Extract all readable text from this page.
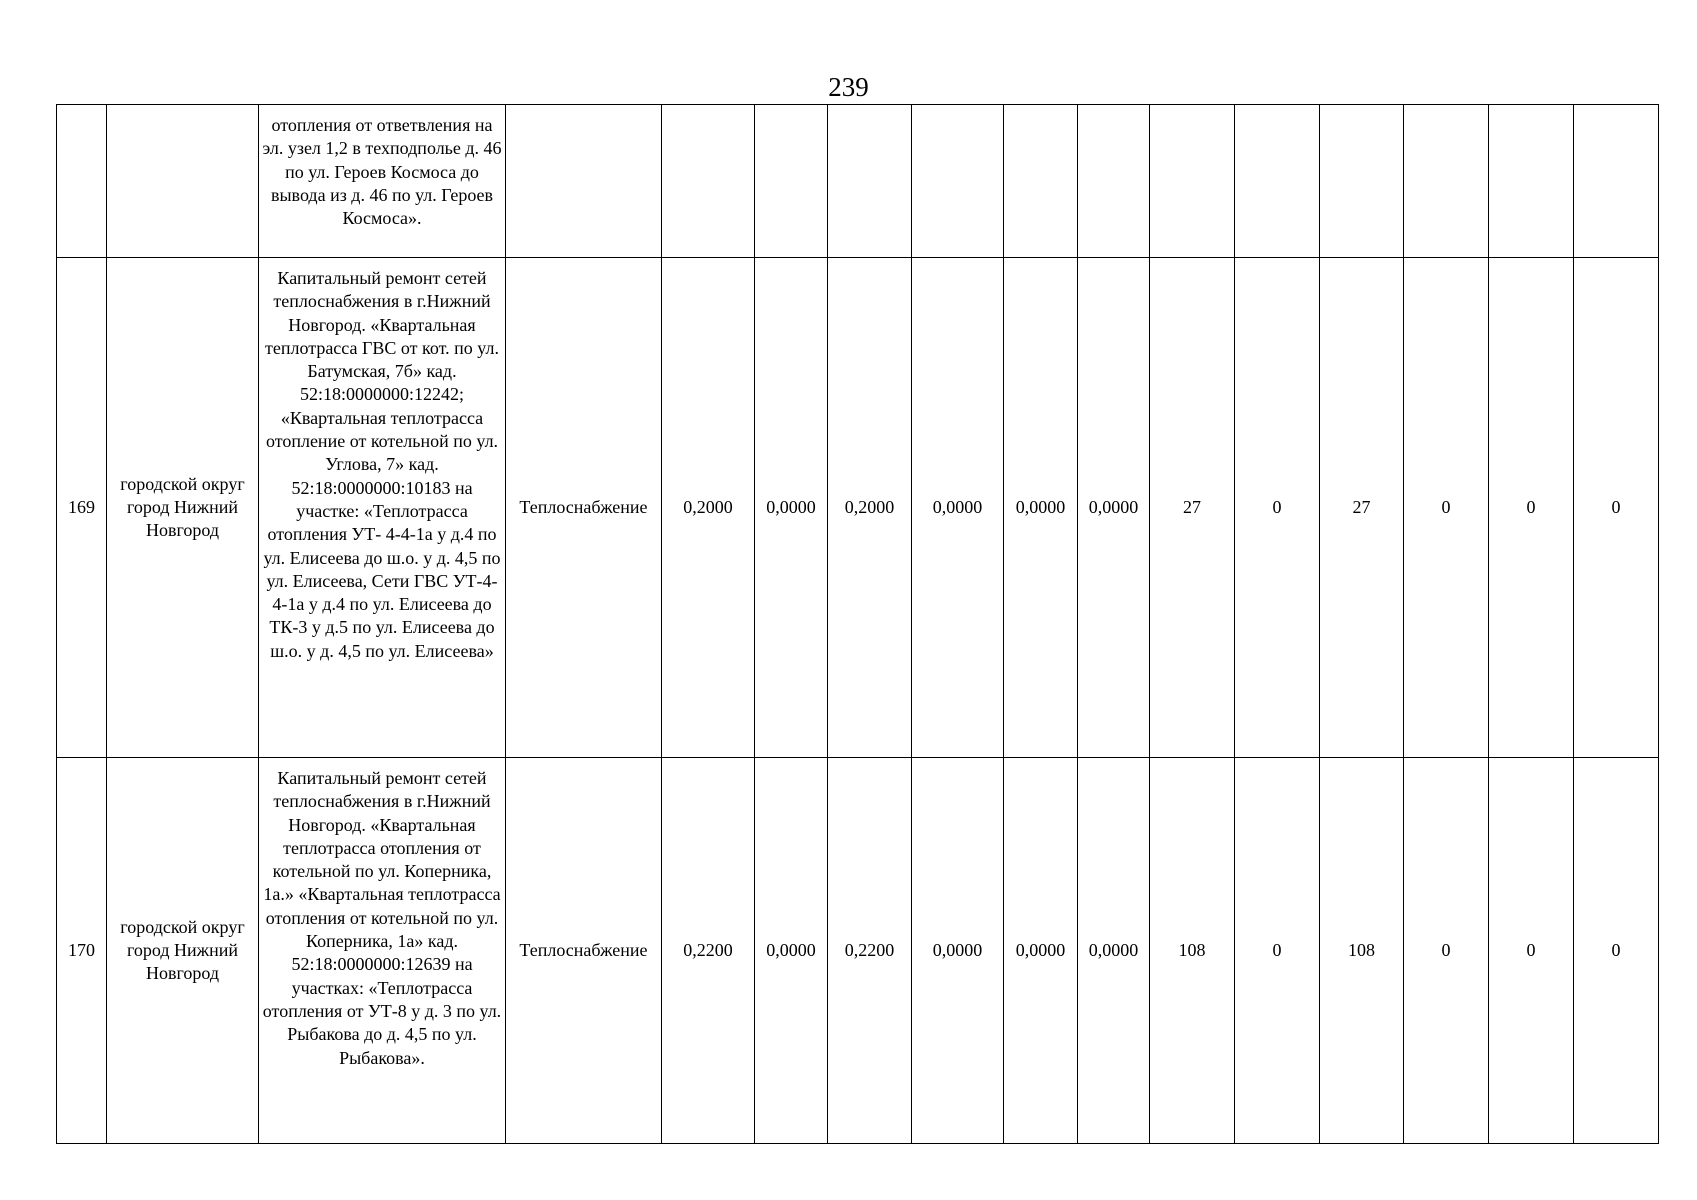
239
		отопления от ответвления на эл. узел 1,2 в техподполье д. 46 по ул. Героев Космоса до вывода из д. 46 по ул. Героев Космоса».													
169	городской округ город Нижний Новгород	Капитальный ремонт сетей теплоснабжения в г.Нижний Новгород. «Квартальная теплотрасса ГВС от кот. по ул. Батумская, 7б» кад. 52:18:0000000:12242; «Квартальная теплотрасса отопление от котельной по ул. Углова, 7» кад. 52:18:0000000:10183 на участке: «Теплотрасса отопления УТ- 4-4-1а у д.4 по ул. Елисеева до ш.о. у д. 4,5 по ул. Елисеева, Сети ГВС УТ-4-4-1а у д.4 по ул. Елисеева до ТК-3 у д.5 по ул. Елисеева до ш.о. у д. 4,5 по ул. Елисеева»	Теплоснабжение	0,2000	0,0000	0,2000	0,0000	0,0000	0,0000	27	0	27	0	0	0
170	городской округ город Нижний Новгород	Капитальный ремонт сетей теплоснабжения в г.Нижний Новгород. «Квартальная теплотрасса отопления от котельной по ул. Коперника, 1а.» «Квартальная теплотрасса отопления от котельной по ул. Коперника, 1а» кад. 52:18:0000000:12639 на участках: «Теплотрасса отопления от УТ-8 у д. 3 по ул. Рыбакова до д. 4,5 по ул. Рыбакова».	Теплоснабжение	0,2200	0,0000	0,2200	0,0000	0,0000	0,0000	108	0	108	0	0	0
